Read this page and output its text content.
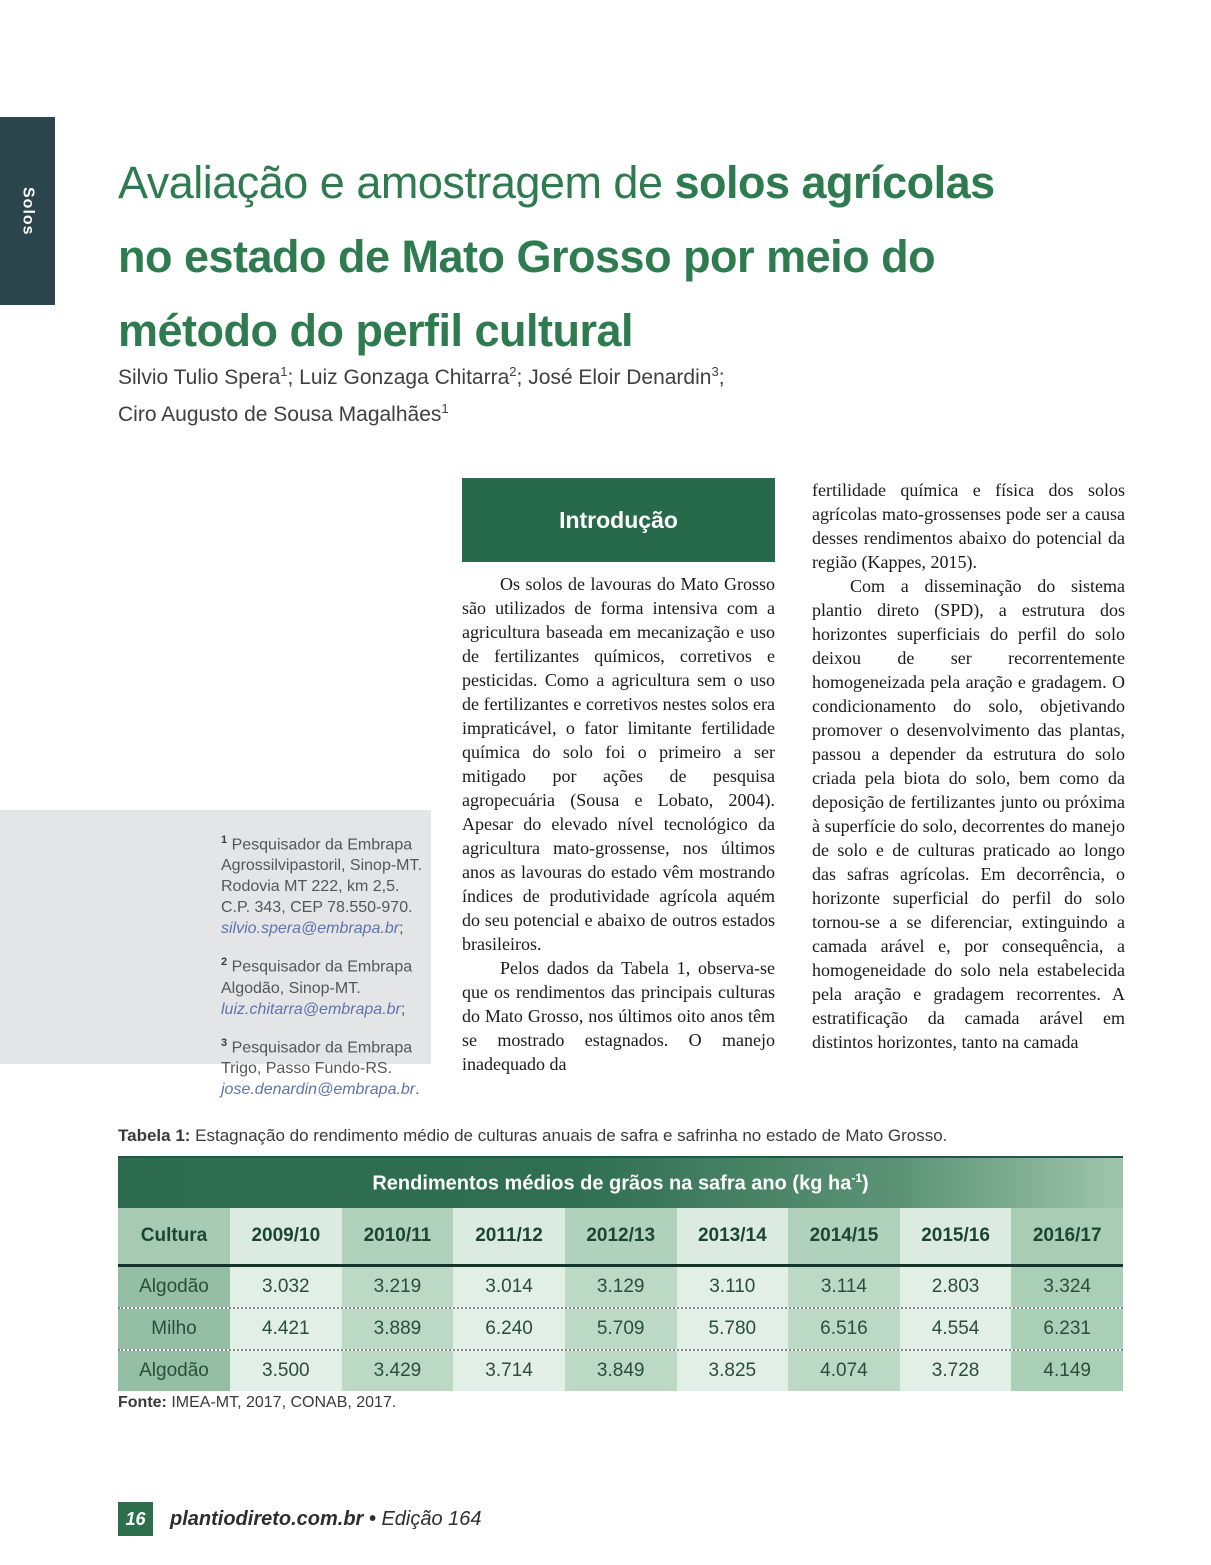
Solos
Avaliação e amostragem de solos agrícolas
no estado de Mato Grosso por meio do
método do perfil cultural
Silvio Tulio Spera$^1$; Luiz Gonzaga Chitarra$^2$; José Eloir Denardin$^3$;
Ciro Augusto de Sousa Magalhães$^1$
Introdução

Os solos de lavouras do Mato Grosso são utilizados de forma intensiva com a agricultura baseada em mecanização e uso de fertilizantes químicos, corretivos e pesticidas. Como a agricultura sem o uso de fertilizantes e corretivos nestes solos era impraticável, o fator limitante fertilidade química do solo foi o primeiro a ser mitigado por ações de pesquisa agropecuária (Sousa e Lobato, 2004). Apesar do elevado nível tecnológico da agricultura mato-grossense, nos últimos anos as lavouras do estado vêm mostrando índices de produtividade agrícola aquém do seu potencial e abaixo de outros estados brasileiros.

Pelos dados da Tabela 1, observa-se que os rendimentos das principais culturas do Mato Grosso, nos últimos oito anos têm se mostrado estagnados. O manejo inadequado da

fertilidade química e física dos solos agrícolas mato-grossenses pode ser a causa desses rendimentos abaixo do potencial da região (Kappes, 2015).

Com a disseminação do sistema plantio direto (SPD), a estrutura dos horizontes superficiais do perfil do solo deixou de ser recorrentemente homogeneizada pela aração e gradagem. O condicionamento do solo, objetivando promover o desenvolvimento das plantas, passou a depender da estrutura do solo criada pela biota do solo, bem como da deposição de fertilizantes junto ou próxima à superfície do solo, decorrentes do manejo de solo e de culturas praticado ao longo das safras agrícolas. Em decorrência, o horizonte superficial do perfil do solo tornou-se a se diferenciar, extinguindo a camada arável e, por consequência, a homogeneidade do solo nela estabelecida pela aração e gradagem recorrentes. A estratificação da camada arável em distintos horizontes, tanto na camada

$^1$ Pesquisador da Embrapa Agrossilvipastoril, Sinop-MT. Rodovia MT 222, km 2,5. C.P. 343, CEP 78.550-970. silvio.spera@embrapa.br;
$^2$ Pesquisador da Embrapa Algodão, Sinop-MT. luiz.chitarra@embrapa.br;
$^3$ Pesquisador da Embrapa Trigo, Passo Fundo-RS. jose.denardin@embrapa.br.
Tabela 1: Estagnação do rendimento médio de culturas anuais de safra e safrinha no estado de Mato Grosso.
Rendimentos médios de grãos na safra ano (kg $ha^{-1}$)
Cultura	2009/10	2010/11	2011/12	2012/13	2013/14	2014/15	2015/16	2016/17
Algodão	3.032	3.219	3.014	3.129	3.110	3.114	2.803	3.324
Milho	4.421	3.889	6.240	5.709	5.780	6.516	4.554	6.231
Algodão	3.500	3.429	3.714	3.849	3.825	4.074	3.728	4.149
Fonte: IMEA-MT, 2017, CONAB, 2017.
16 plantiodireto.com.br • Edição 164
